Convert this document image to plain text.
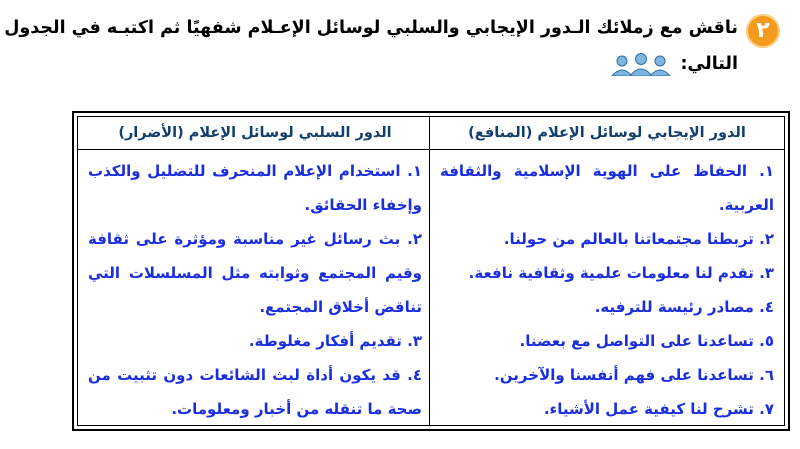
٢
ناقش مع زملائك الـدور الإيجابي والسلبي لوسائل الإعـلام شفهيًا ثم اكتبـه في الجدول
التالي:
الدور الإيجابي لوسائل الإعلام (المنافع)
١. الحفاظ على الهوية الإسلامية والثقافة العربية.
٢. تربطنا مجتمعاتنا بالعالم من حولنا.
٣. تقدم لنا معلومات علمية وثقافية نافعة.
٤. مصادر رئيسة للترفيه.
٥. تساعدنا على التواصل مع بعضنا.
٦. تساعدنا على فهم أنفسنا والآخرين.
٧. تشرح لنا كيفية عمل الأشياء.
الدور السلبي لوسائل الإعلام (الأضرار)
١. استخدام الإعلام المنحرف للتضليل والكذب وإخفاء الحقائق.
٢. بث رسائل غير مناسبة ومؤثرة على ثقافة وقيم المجتمع وثوابته مثل المسلسلات التي تناقض أخلاق المجتمع.
٣. تقديم أفكار مغلوطة.
٤. قد يكون أداة لبث الشائعات دون تثبيت من صحة ما تنقله من أخبار ومعلومات.
